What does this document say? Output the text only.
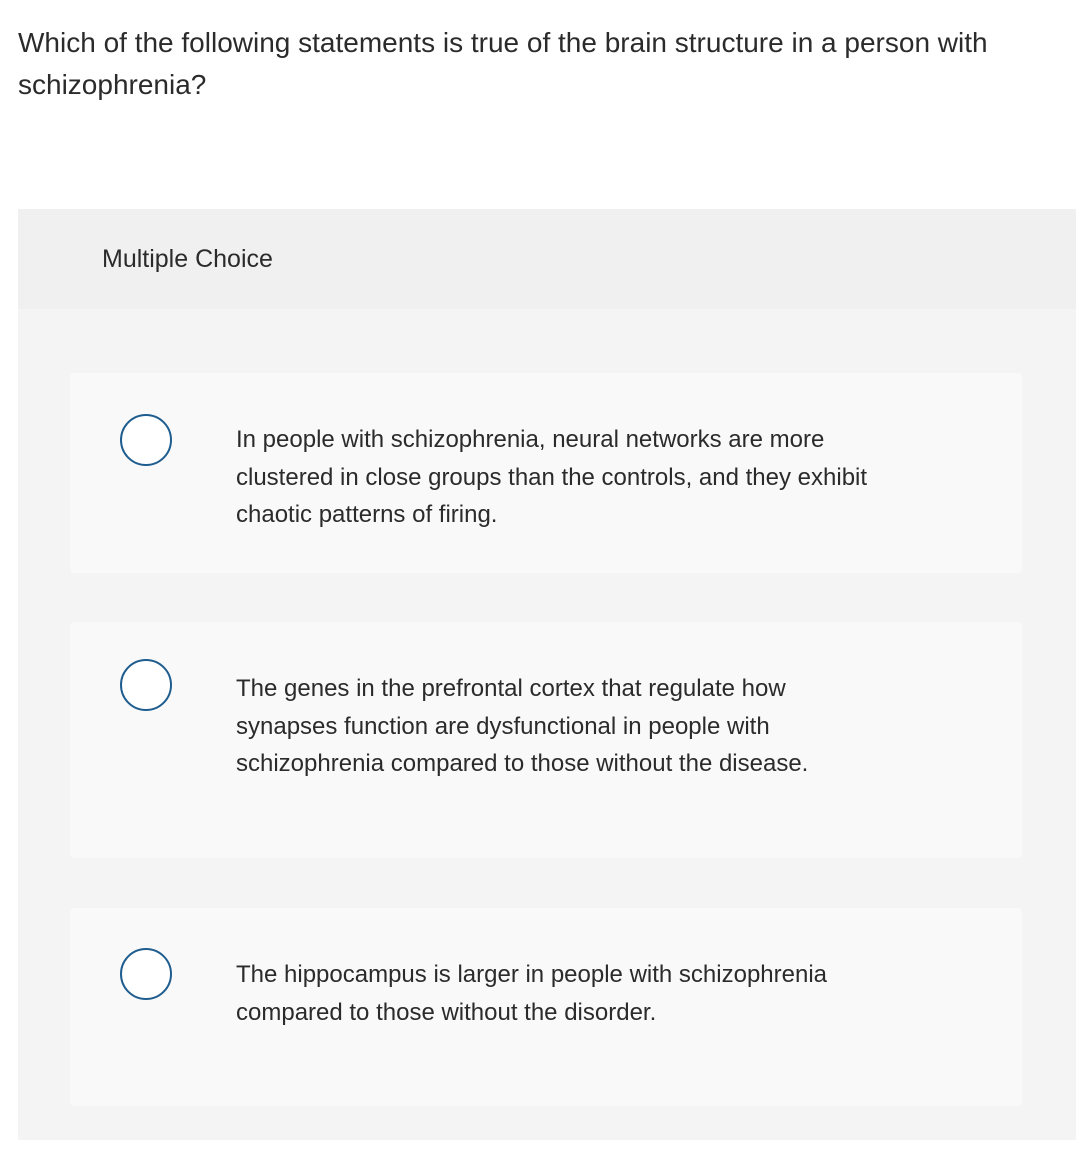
Which of the following statements is true of the brain structure in a person with schizophrenia?
Multiple Choice
In people with schizophrenia, neural networks are more clustered in close groups than the controls, and they exhibit chaotic patterns of firing.
The genes in the prefrontal cortex that regulate how synapses function are dysfunctional in people with schizophrenia compared to those without the disease.
The hippocampus is larger in people with schizophrenia compared to those without the disorder.
